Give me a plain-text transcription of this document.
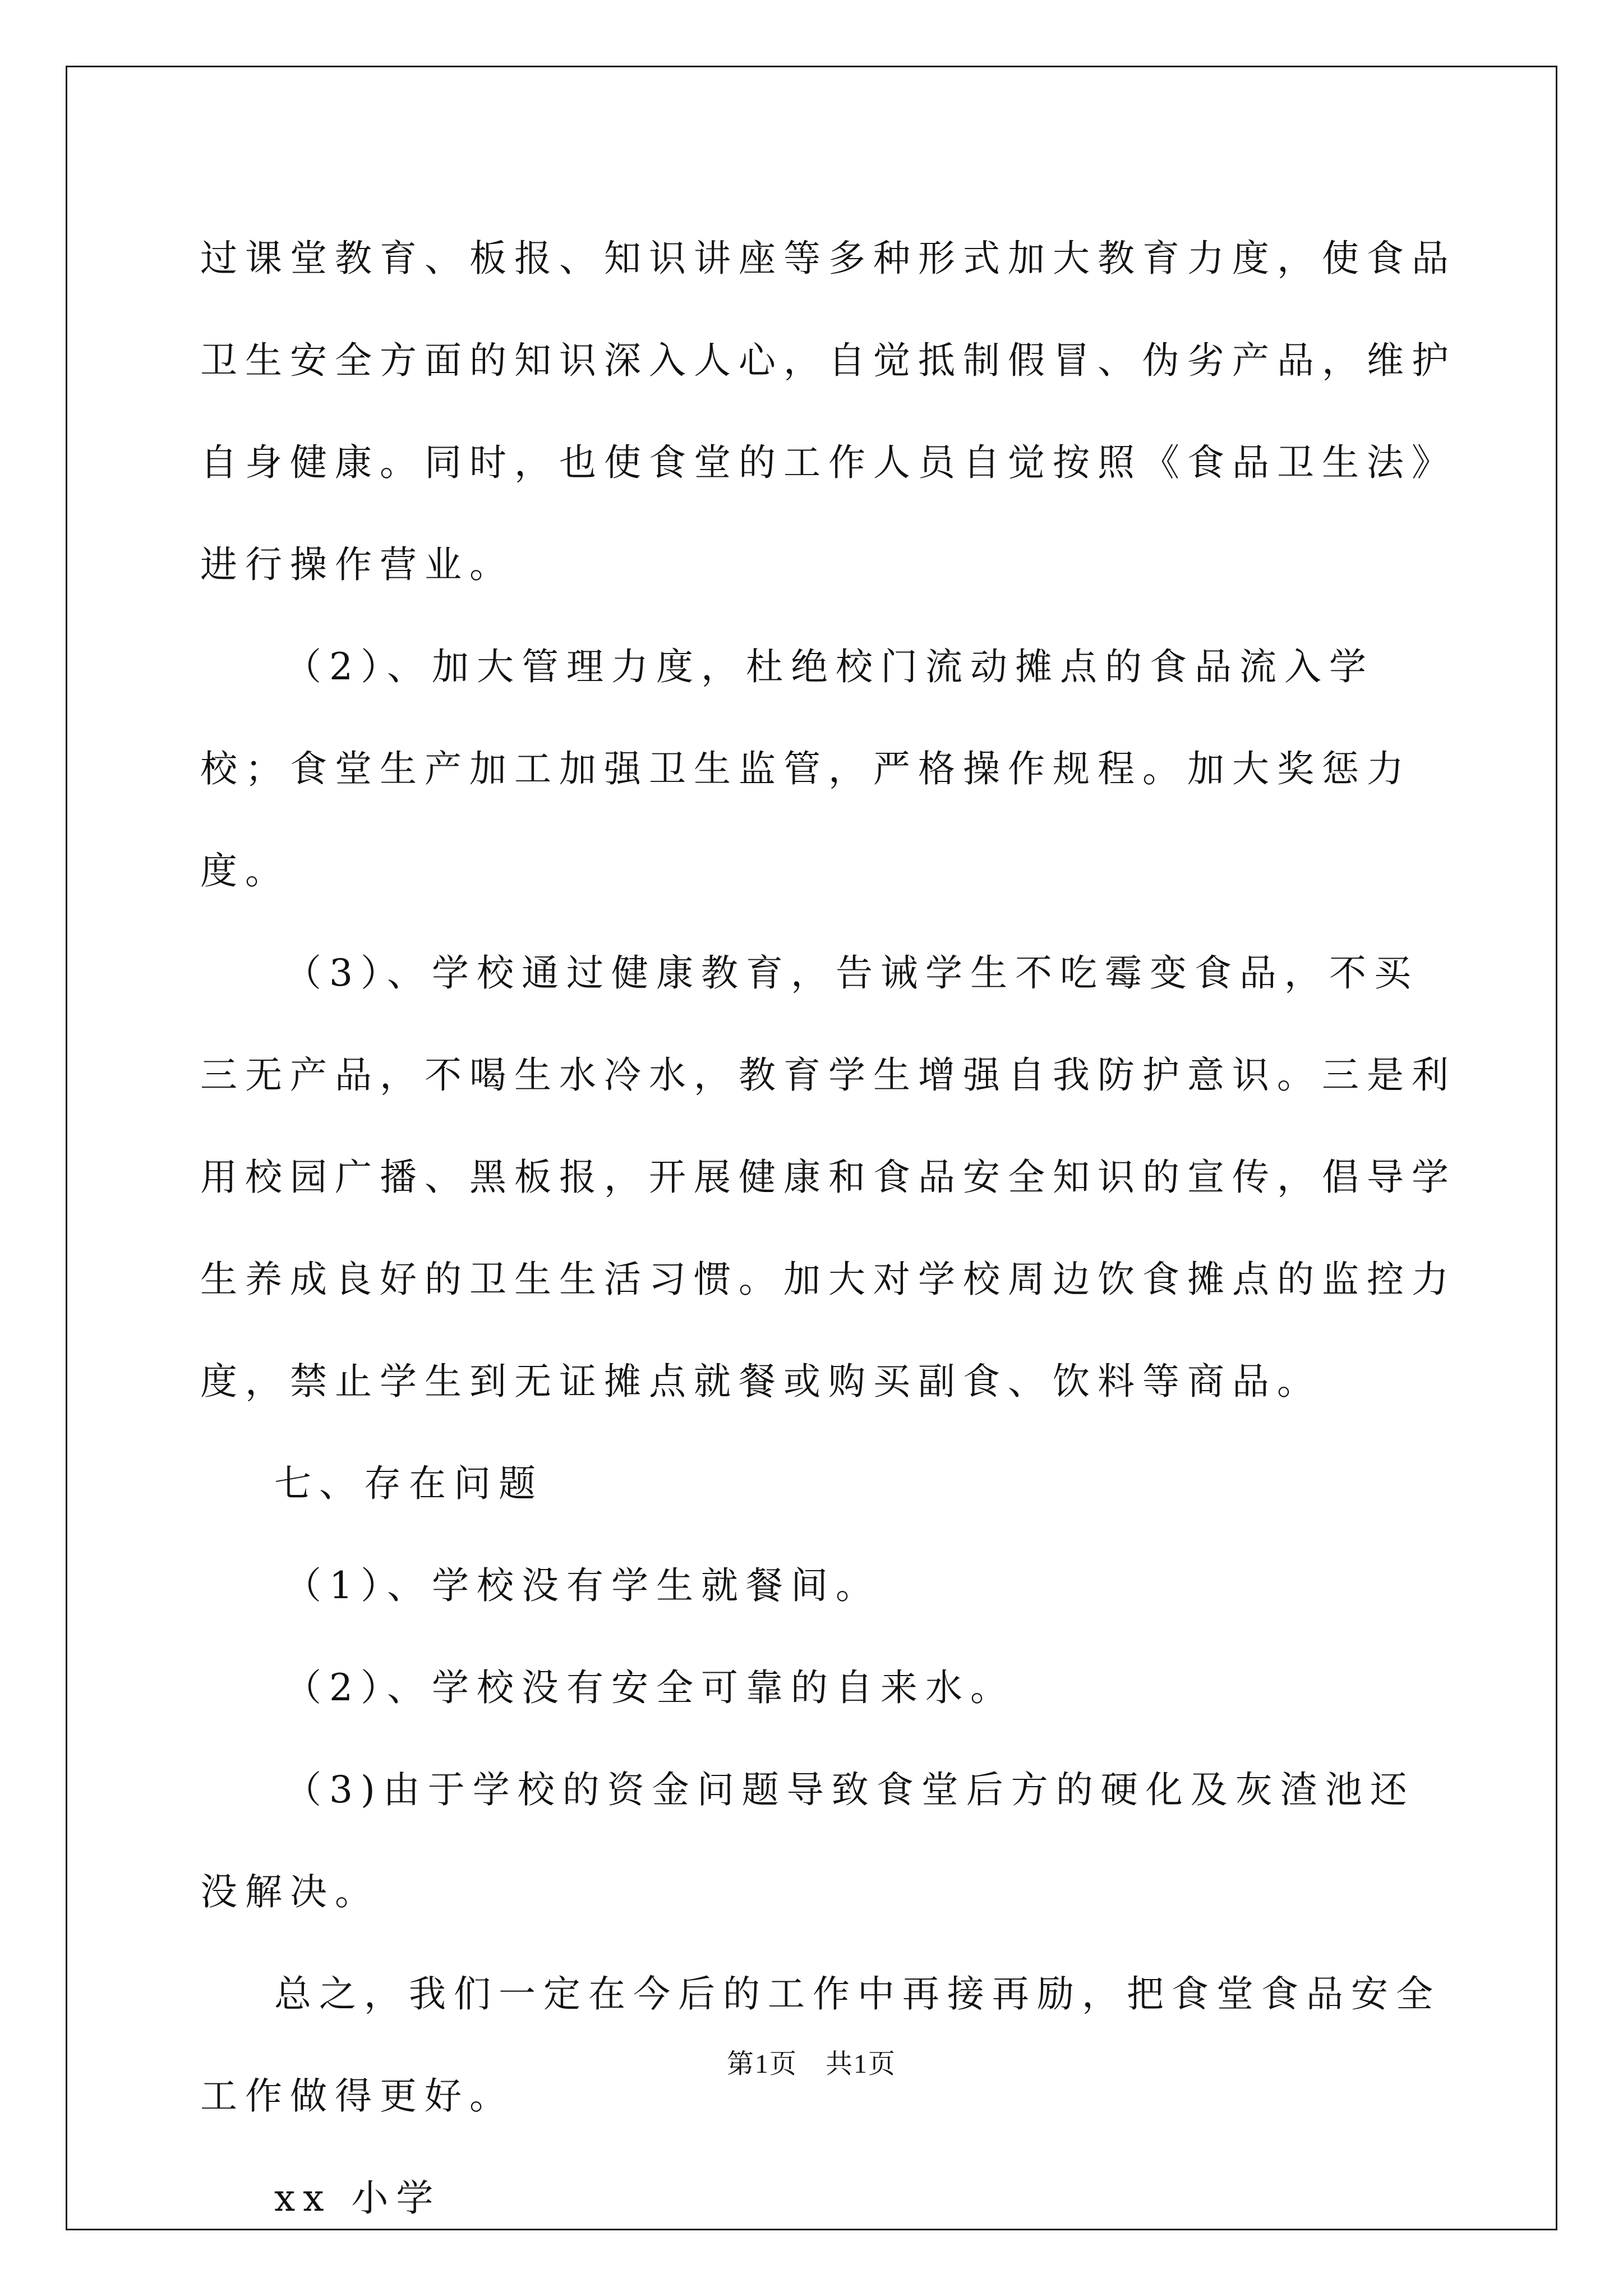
过课堂教育、板报、知识讲座等多种形式加大教育力度，使食品卫生安全方面的知识深入人心，自觉抵制假冒、伪劣产品，维护自身健康。同时，也使食堂的工作人员自觉按照《食品卫生法》进行操作营业。

（2）、加大管理力度，杜绝校门流动摊点的食品流入学校；食堂生产加工加强卫生监管，严格操作规程。加大奖惩力度。

（3）、学校通过健康教育，告诫学生不吃霉变食品，不买三无产品，不喝生水冷水，教育学生增强自我防护意识。三是利用校园广播、黑板报，开展健康和食品安全知识的宣传，倡导学生养成良好的卫生生活习惯。加大对学校周边饮食摊点的监控力度，禁止学生到无证摊点就餐或购买副食、饮料等商品。

七、存在问题

（1）、学校没有学生就餐间。

（2）、学校没有安全可靠的自来水。

（3)由于学校的资金问题导致食堂后方的硬化及灰渣池还没解决。

总之，我们一定在今后的工作中再接再励，把食堂食品安全工作做得更好。

xx 小学

第1页 共1页
